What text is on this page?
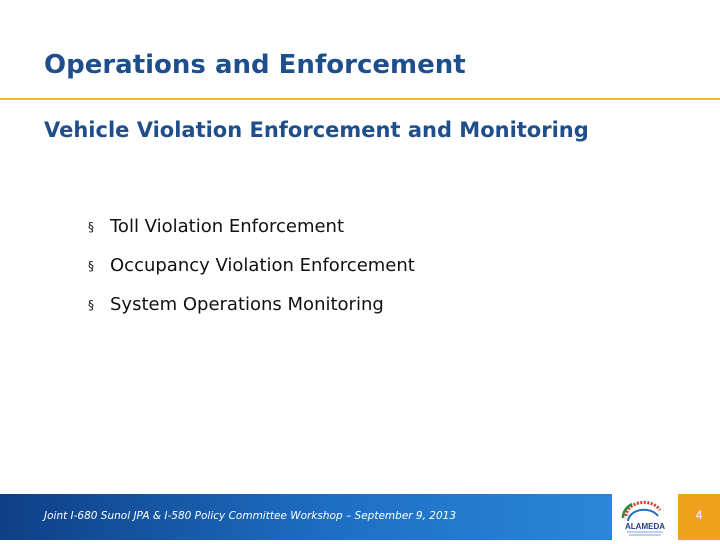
Operations and Enforcement
Vehicle Violation Enforcement and Monitoring
§ Toll Violation Enforcement
§ Occupancy Violation Enforcement
§ System Operations Monitoring
Joint I-680 Sunol JPA & I-580 Policy Committee Workshop – September 9, 2013
ALAMEDA
4
